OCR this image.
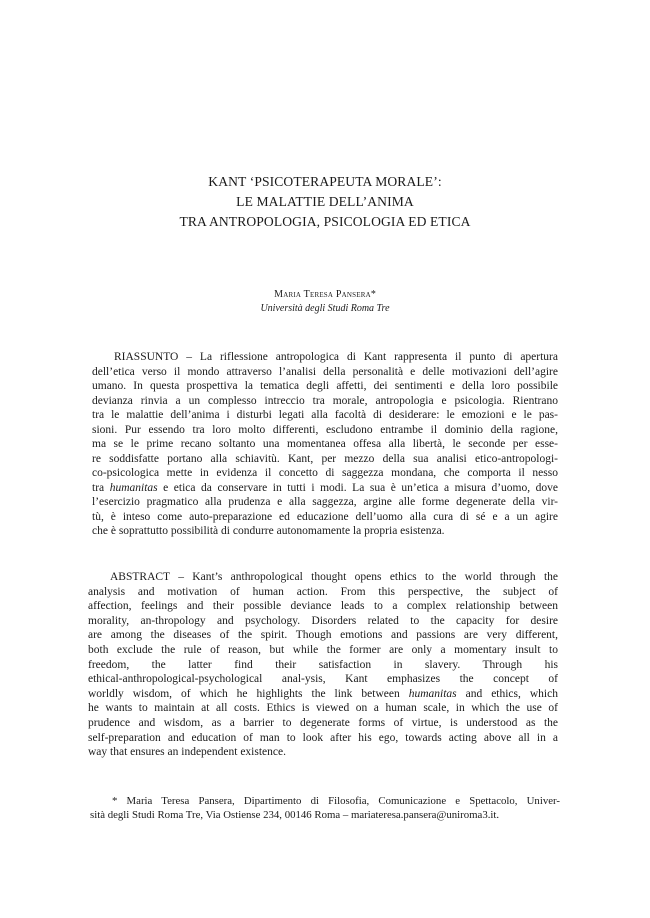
KANT ‘PSICOTERAPEUTA MORALE’:
LE MALATTIE DELL’ANIMA
TRA ANTROPOLOGIA, PSICOLOGIA ED ETICA
Maria Teresa Pansera*
Università degli Studi Roma Tre
RIASSUNTO – La riflessione antropologica di Kant rappresenta il punto di apertura
dell’etica verso il mondo attraverso l’analisi della personalità e delle motivazioni dell’agire
umano. In questa prospettiva la tematica degli affetti, dei sentimenti e della loro possibile
devianza rinvia a un complesso intreccio tra morale, antropologia e psicologia. Rientrano
tra le malattie dell’anima i disturbi legati alla facoltà di desiderare: le emozioni e le pas-
sioni. Pur essendo tra loro molto differenti, escludono entrambe il dominio della ragione,
ma se le prime recano soltanto una momentanea offesa alla libertà, le seconde per esse-
re soddisfatte portano alla schiavitù. Kant, per mezzo della sua analisi etico-antropologi-
co-psicologica mette in evidenza il concetto di saggezza mondana, che comporta il nesso
tra humanitas e etica da conservare in tutti i modi. La sua è un’etica a misura d’uomo, dove
l’esercizio pragmatico alla prudenza e alla saggezza, argine alle forme degenerate della vir-
tù, è inteso come auto-preparazione ed educazione dell’uomo alla cura di sé e a un agire
che è soprattutto possibilità di condurre autonomamente la propria esistenza.
ABSTRACT – Kant’s anthropological thought opens ethics to the world through the
analysis and motivation of human action. From this perspective, the subject of
affection, feelings and their possible deviance leads to a complex relationship between
morality, an-thropology and psychology. Disorders related to the capacity for desire
are among the diseases of the spirit. Though emotions and passions are very different,
both exclude the rule of reason, but while the former are only a momentary insult to
freedom, the latter find their satisfaction in slavery. Through his
ethical-anthropological-psychological anal-ysis, Kant emphasizes the concept of
worldly wisdom, of which he highlights the link between humanitas and ethics, which
he wants to maintain at all costs. Ethics is viewed on a human scale, in which the use of
prudence and wisdom, as a barrier to degenerate forms of virtue, is understood as the
self-preparation and education of man to look after his ego, towards acting above all in a
way that ensures an independent existence.
* Maria Teresa Pansera, Dipartimento di Filosofia, Comunicazione e Spettacolo, Univer-
sità degli Studi Roma Tre, Via Ostiense 234, 00146 Roma – mariateresa.pansera@uniroma3.it.
